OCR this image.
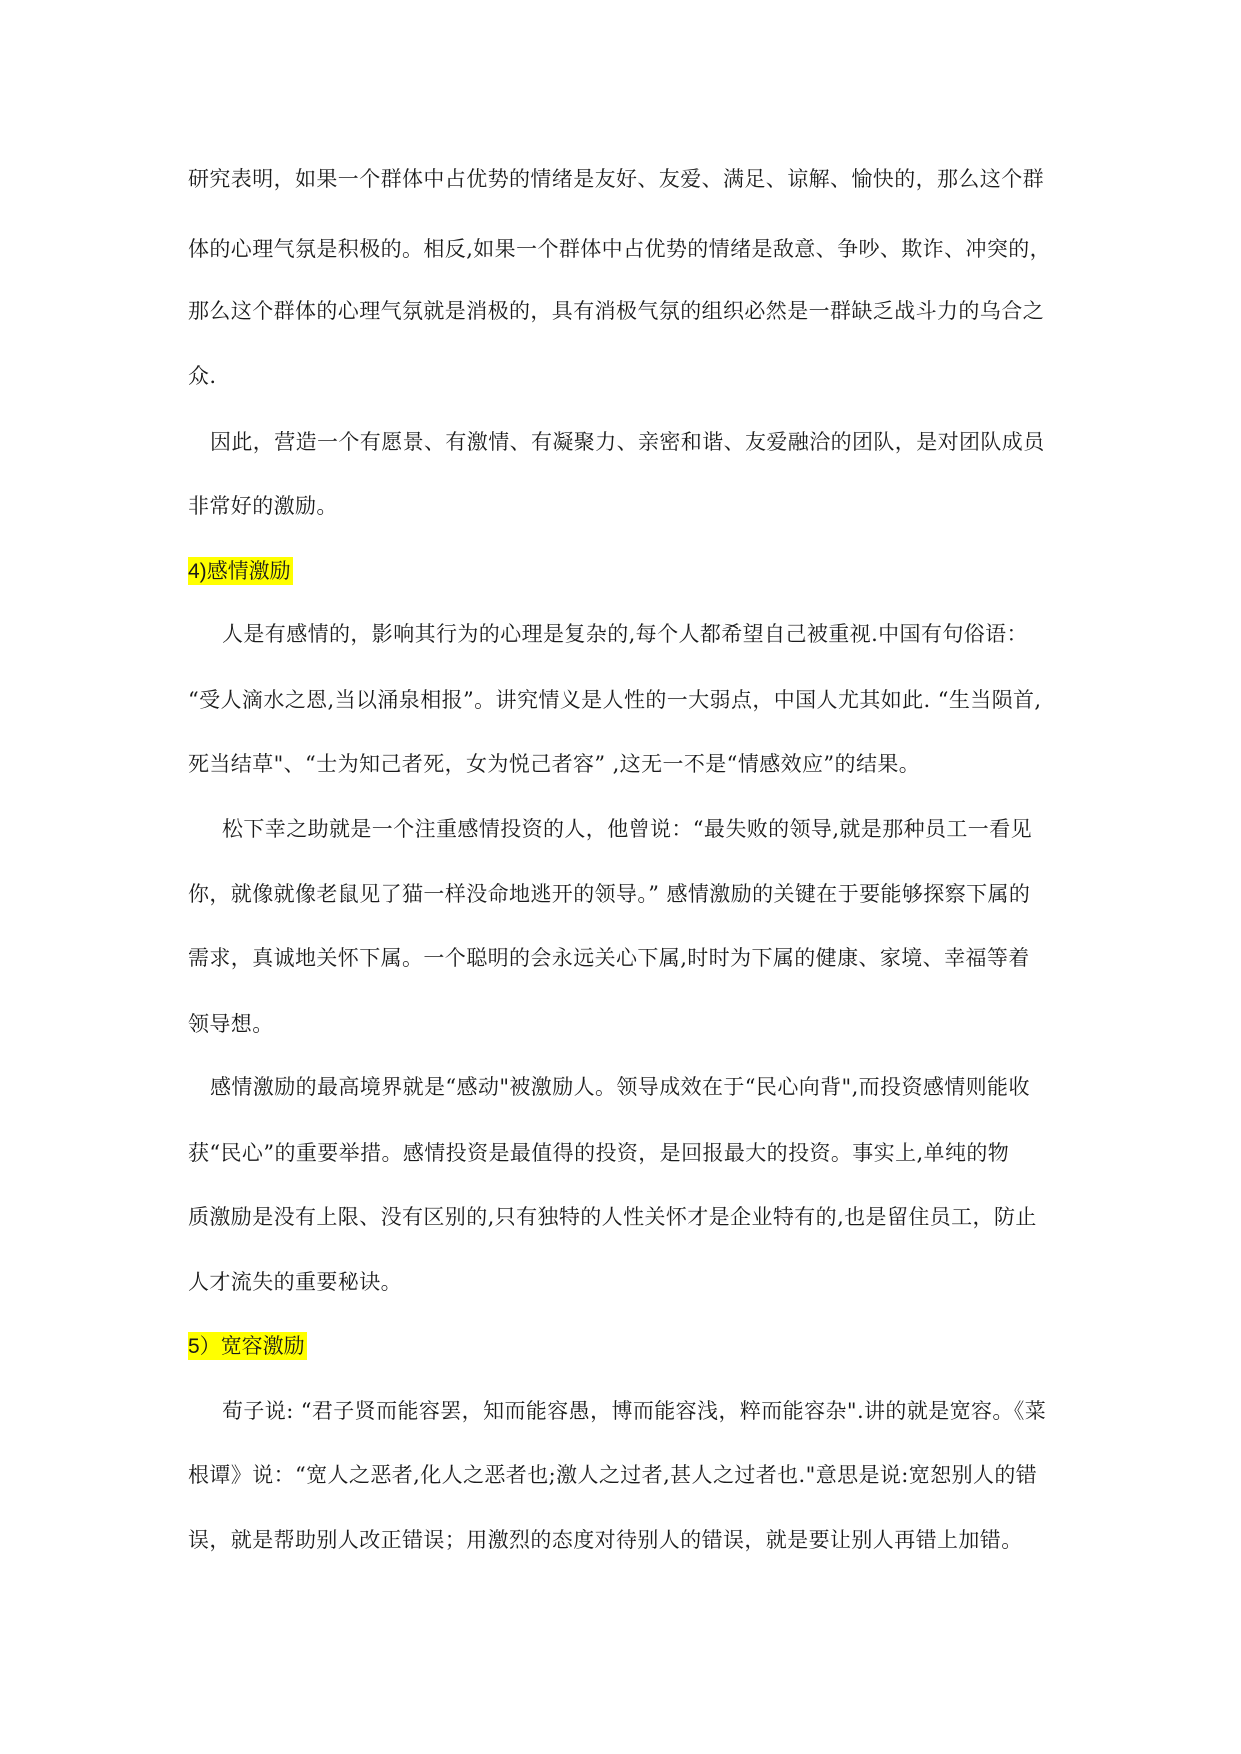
研究表明，如果一个群体中占优势的情绪是友好、友爱、满足、谅解、愉快的，那么这个群
体的心理气氛是积极的。相反,如果一个群体中占优势的情绪是敌意、争吵、欺诈、冲突的，
那么这个群体的心理气氛就是消极的，具有消极气氛的组织必然是一群缺乏战斗力的乌合之
众.
因此，营造一个有愿景、有激情、有凝聚力、亲密和谐、友爱融洽的团队，是对团队成员
非常好的激励。
4)感情激励
人是有感情的，影响其行为的心理是复杂的,每个人都希望自己被重视.中国有句俗语：
“受人滴水之恩,当以涌泉相报”。讲究情义是人性的一大弱点，中国人尤其如此. “生当陨首,
死当结草"、“士为知己者死，女为悦己者容” ,这无一不是“情感效应”的结果。
松下幸之助就是一个注重感情投资的人，他曾说：“最失败的领导,就是那种员工一看见
你，就像就像老鼠见了猫一样没命地逃开的领导。” 感情激励的关键在于要能够探察下属的
需求，真诚地关怀下属。一个聪明的会永远关心下属,时时为下属的健康、家境、幸福等着
领导想。
感情激励的最高境界就是“感动"被激励人。领导成效在于“民心向背",而投资感情则能收
获“民心”的重要举措。感情投资是最值得的投资，是回报最大的投资。事实上,单纯的物
质激励是没有上限、没有区别的,只有独特的人性关怀才是企业特有的,也是留住员工，防止
人才流失的重要秘诀。
5）宽容激励
荀子说: “君子贤而能容罢，知而能容愚，博而能容浅，粹而能容杂".讲的就是宽容。《菜
根谭》说：“宽人之恶者,化人之恶者也;激人之过者,甚人之过者也."意思是说:宽恕别人的错
误，就是帮助别人改正错误；用激烈的态度对待别人的错误，就是要让别人再错上加错。
